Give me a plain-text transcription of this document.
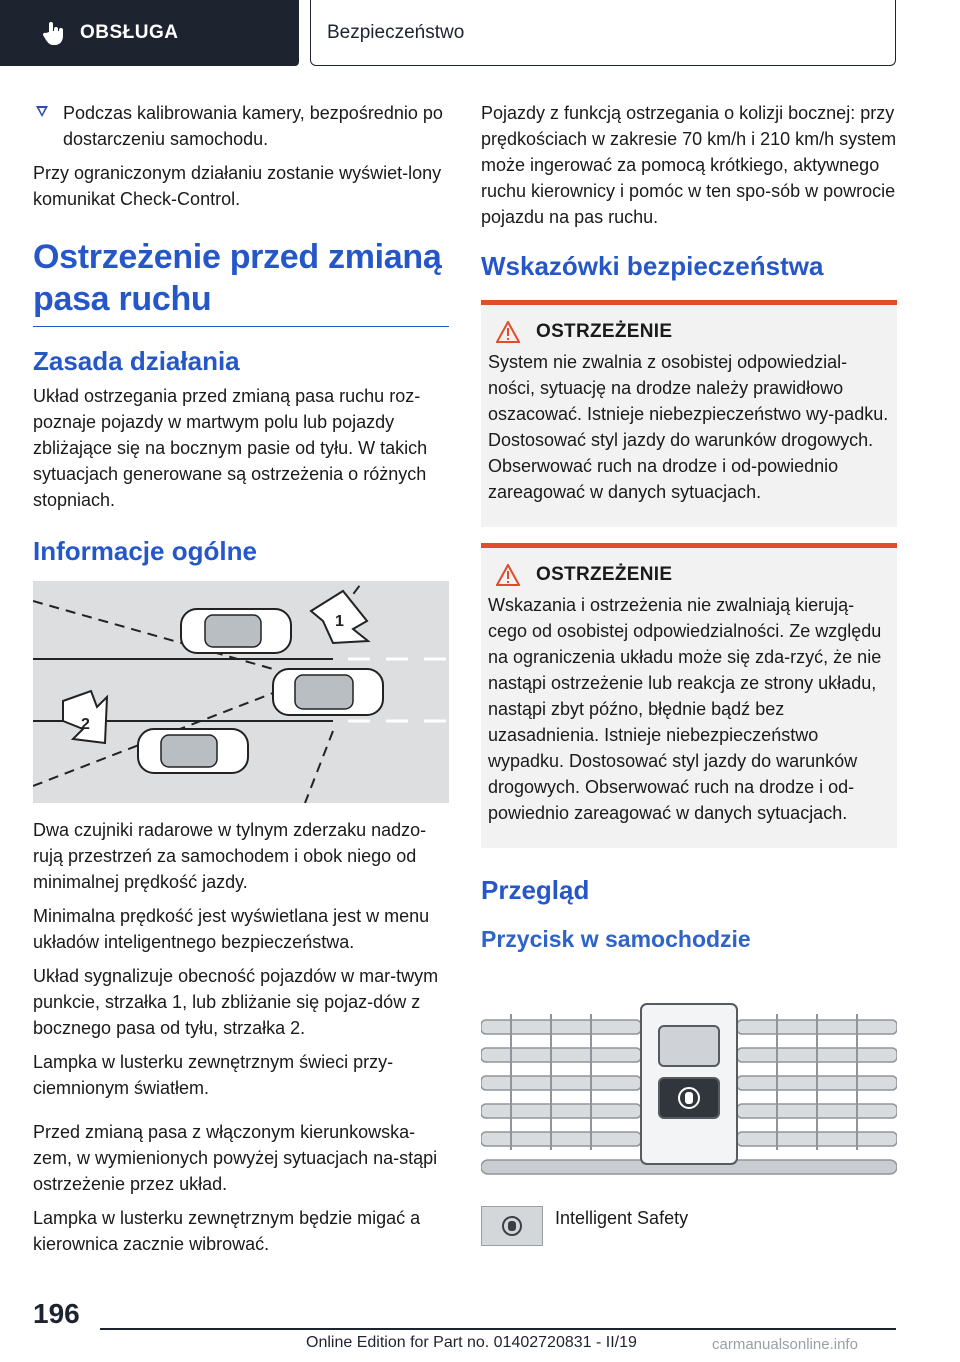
OBSŁUGA	Bezpieczeństwo
Podczas kalibrowania kamery, bezpośrednio po dostarczeniu samochodu.

Przy ograniczonym działaniu zostanie wyświet‐lony komunikat Check-Control.

Ostrzeżenie przed zmianą pasa ruchu
Zasada działania

Układ ostrzegania przed zmianą pasa ruchu roz‐poznaje pojazdy w martwym polu lub pojazdy zbliżające się na bocznym pasie od tyłu. W takich sytuacjach generowane są ostrzeżenia o różnych stopniach.

Informacje ogólne
1
2

Dwa czujniki radarowe w tylnym zderzaku nadzo‐rują przestrzeń za samochodem i obok niego od minimalnej prędkość jazdy.

Minimalna prędkość jest wyświetlana jest w menu układów inteligentnego bezpieczeństwa.

Układ sygnalizuje obecność pojazdów w mar‐twym punkcie, strzałka 1, lub zbliżanie się pojaz‐dów z bocznego pasa od tyłu, strzałka 2.

Lampka w lusterku zewnętrznym świeci przy‐ciemnionym światłem.

Przed zmianą pasa z włączonym kierunkowska‐zem, w wymienionych powyżej sytuacjach na‐stąpi ostrzeżenie przez układ.

Lampka w lusterku zewnętrznym będzie migać a kierownica zacznie wibrować.

Pojazdy z funkcją ostrzegania o kolizji bocznej: przy prędkościach w zakresie 70 km/h i 210 km/h system może ingerować za pomocą krótkiego, aktywnego ruchu kierownicy i pomóc w ten spo‐sób w powrocie pojazdu na pas ruchu.

Wskazówki bezpieczeństwa
OSTRZEŻENIE

System nie zwalnia z osobistej odpowiedzial‐ności, sytuację na drodze należy prawidłowo oszacować. Istnieje niebezpieczeństwo wy‐padku. Dostosować styl jazdy do warunków drogowych. Obserwować ruch na drodze i od‐powiednio zareagować w danych sytuacjach.

OSTRZEŻENIE

Wskazania i ostrzeżenia nie zwalniają kierują‐cego od osobistej odpowiedzialności. Ze względu na ograniczenia układu może się zda‐rzyć, że nie nastąpi ostrzeżenie lub reakcja ze strony układu, nastąpi zbyt późno, błędnie bądź bez uzasadnienia. Istnieje niebezpieczeństwo wypadku. Dostosować styl jazdy do warunków drogowych. Obserwować ruch na drodze i od‐powiednio zareagować w danych sytuacjach.

Przegląd
Przycisk w samochodzie
Intelligent Safety
196
Online Edition for Part no. 01402720831 - II/19	carmanualsonline.info
